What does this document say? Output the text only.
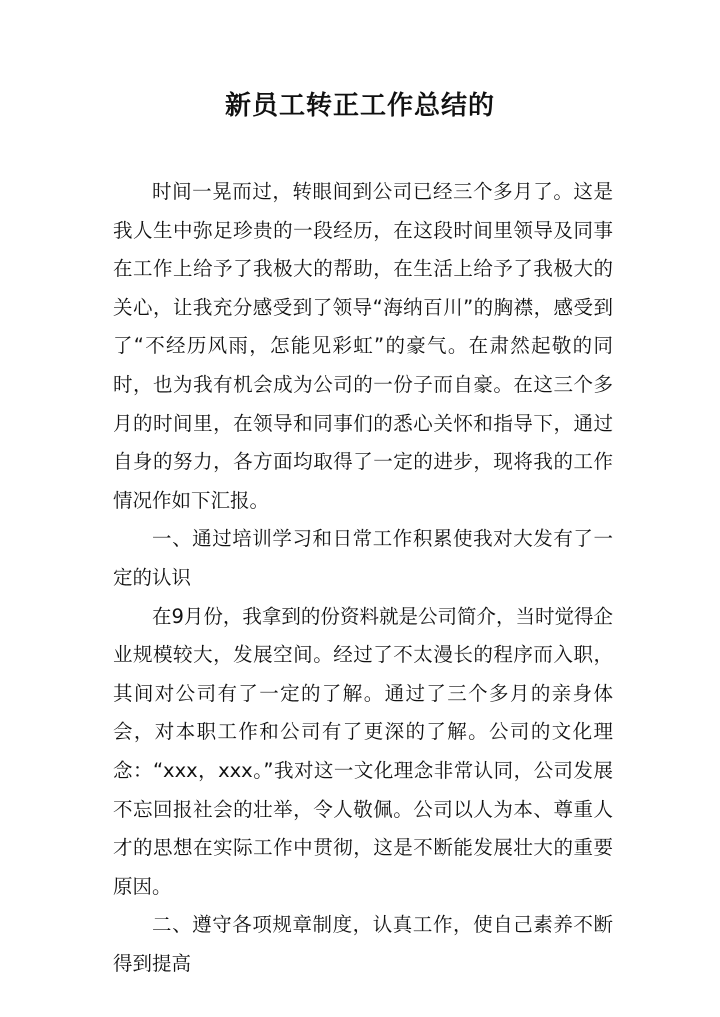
新员工转正工作总结的

时间一晃而过，转眼间到公司已经三个多月了。这是我人生中弥足珍贵的一段经历，在这段时间里领导及同事在工作上给予了我极大的帮助，在生活上给予了我极大的关心，让我充分感受到了领导“海纳百川”的胸襟，感受到了“不经历风雨，怎能见彩虹”的豪气。在肃然起敬的同时，也为我有机会成为公司的一份子而自豪。在这三个多月的时间里，在领导和同事们的悉心关怀和指导下，通过自身的努力，各方面均取得了一定的进步，现将我的工作情况作如下汇报。

一、通过培训学习和日常工作积累使我对大发有了一定的认识

在9月份，我拿到的份资料就是公司简介，当时觉得企业规模较大，发展空间。经过了不太漫长的程序而入职，其间对公司有了一定的了解。通过了三个多月的亲身体会，对本职工作和公司有了更深的了解。公司的文化理念：“xxx，xxx。”我对这一文化理念非常认同，公司发展不忘回报社会的壮举，令人敬佩。公司以人为本、尊重人才的思想在实际工作中贯彻，这是不断能发展壮大的重要原因。

二、遵守各项规章制度，认真工作，使自己素养不断得到提高
